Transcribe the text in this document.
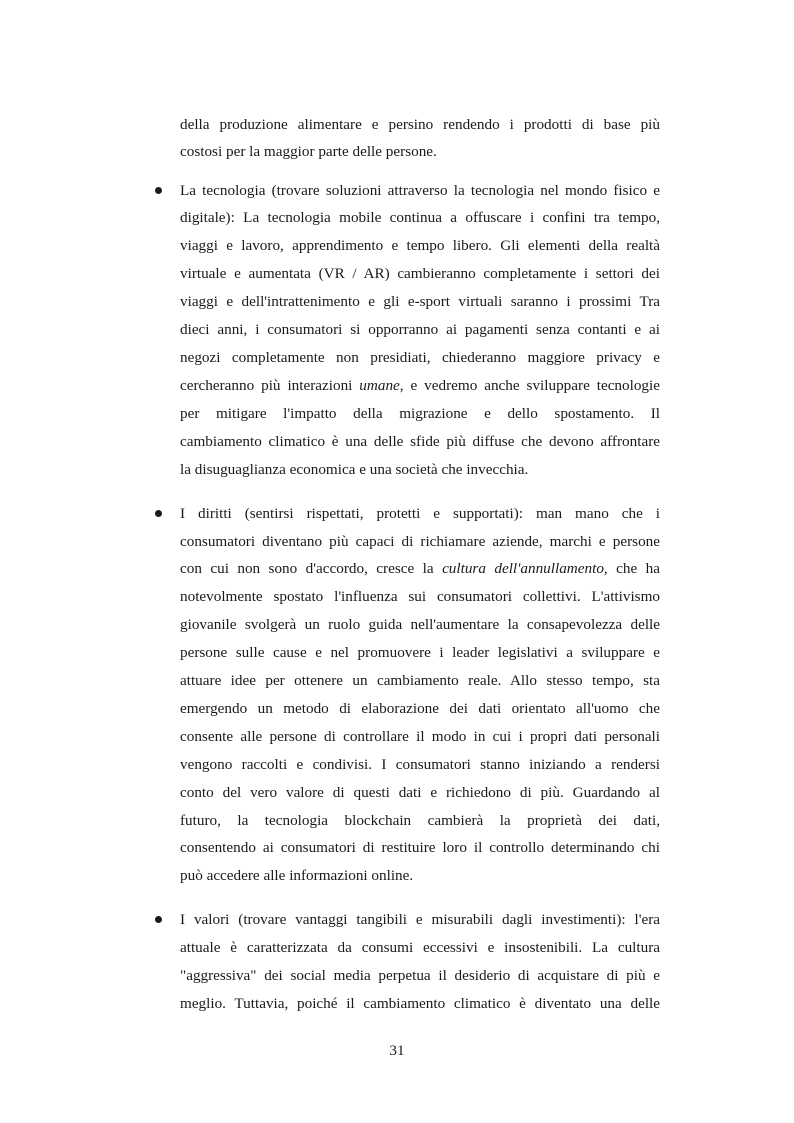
della produzione alimentare e persino rendendo i prodotti di base più

costosi per la maggior parte delle persone.

La tecnologia (trovare soluzioni attraverso la tecnologia nel mondo fisico e

digitale): La tecnologia mobile continua a offuscare i confini tra tempo,

viaggi e lavoro, apprendimento e tempo libero. Gli elementi della realtà

virtuale e aumentata (VR / AR) cambieranno completamente i settori dei

viaggi e dell'intrattenimento e gli e-sport virtuali saranno i prossimi Tra

dieci anni, i consumatori si opporranno ai pagamenti senza contanti e ai

negozi completamente non presidiati, chiederanno maggiore privacy e

cercheranno più interazioni umane, e vedremo anche sviluppare tecnologie

per mitigare l'impatto della migrazione e dello spostamento. Il

cambiamento climatico è una delle sfide più diffuse che devono affrontare

la disuguaglianza economica e una società che invecchia.

I diritti (sentirsi rispettati, protetti e supportati): man mano che i

consumatori diventano più capaci di richiamare aziende, marchi e persone

con cui non sono d'accordo, cresce la cultura dell'annullamento, che ha

notevolmente spostato l'influenza sui consumatori collettivi. L'attivismo

giovanile svolgerà un ruolo guida nell'aumentare la consapevolezza delle

persone sulle cause e nel promuovere i leader legislativi a sviluppare e

attuare idee per ottenere un cambiamento reale. Allo stesso tempo, sta

emergendo un metodo di elaborazione dei dati orientato all'uomo che

consente alle persone di controllare il modo in cui i propri dati personali

vengono raccolti e condivisi. I consumatori stanno iniziando a rendersi

conto del vero valore di questi dati e richiedono di più. Guardando al

futuro, la tecnologia blockchain cambierà la proprietà dei dati,

consentendo ai consumatori di restituire loro il controllo determinando chi

può accedere alle informazioni online.

I valori (trovare vantaggi tangibili e misurabili dagli investimenti): l'era

attuale è caratterizzata da consumi eccessivi e insostenibili. La cultura

"aggressiva" dei social media perpetua il desiderio di acquistare di più e

meglio. Tuttavia, poiché il cambiamento climatico è diventato una delle

31
